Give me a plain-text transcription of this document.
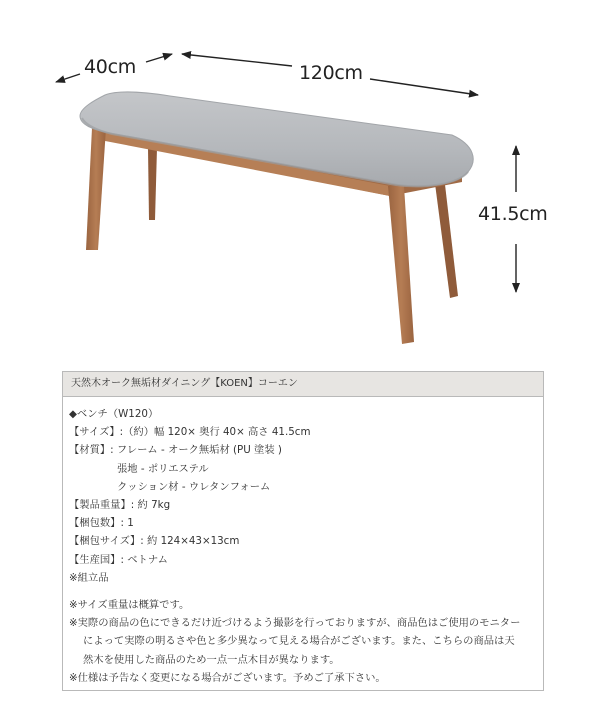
40cm	120cm
41.5cm
天然木オーク無垢材ダイニング【KOEN】コーエン
◆ベンチ（W120）
【サイズ】:（約）幅 120× 奥行 40× 高さ 41.5cm
【材質】: フレーム - オーク無垢材 (PU 塗装 )
張地 - ポリエステル
クッション材 - ウレタンフォーム
【製品重量】: 約 7kg
【梱包数】: 1
【梱包サイズ】: 約 124×43×13cm
【生産国】: ベトナム
※組立品
※サイズ重量は概算です。
※実際の商品の色にできるだけ近づけるよう撮影を行っておりますが、商品色はご使用のモニター
によって実際の明るさや色と多少異なって見える場合がございます。また、こちらの商品は天
然木を使用した商品のため一点一点木目が異なります。
※仕様は予告なく変更になる場合がございます。予めご了承下さい。
